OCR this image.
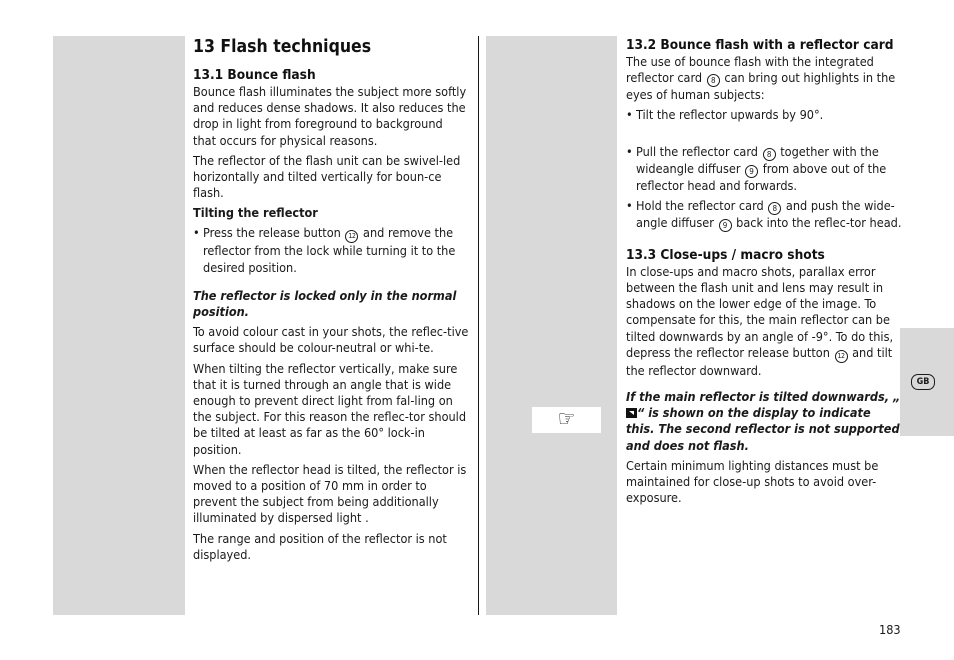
13 Flash techniques
13.1 Bounce flash

Bounce flash illuminates the subject more softly and reduces dense shadows. It also reduces the drop in light from foreground to background that occurs for physical reasons.

The reflector of the flash unit can be swivel-led horizontally and tilted vertically for boun-ce flash.

Tilting the reflector

• Press the release button 12 and remove the reflector from the lock while turning it to the desired position.

The reflector is locked only in the normal position.

To avoid colour cast in your shots, the reflec-tive surface should be colour-neutral or whi-te.

When tilting the reflector vertically, make sure that it is turned through an angle that is wide enough to prevent direct light from fal-ling on the subject. For this reason the reflec-tor should be tilted at least as far as the 60° lock-in position.

When the reflector head is tilted, the reflector is moved to a position of 70 mm in order to prevent the subject from being additionally illuminated by dispersed light .

The range and position of the reflector is not displayed.

13.2 Bounce flash with a reflector card

The use of bounce flash with the integrated reflector card 8 can bring out highlights in the eyes of human subjects:

• Tilt the reflector upwards by 90°.

• Pull the reflector card 8 together with the wideangle diffuser 9 from above out of the reflector head and forwards.

• Hold the reflector card 8 and push the wide-angle diffuser 9 back into the reflec-tor head.

13.3 Close-ups / macro shots

In close-ups and macro shots, parallax error between the flash unit and lens may result in shadows on the lower edge of the image. To compensate for this, the main reflector can be tilted downwards by an angle of -9°. To do this, depress the reflector release button 12 and tilt the reflector downward.

If the main reflector is tilted downwards, „“ is shown on the display to indicate this. The second reflector is not supported and does not flash.

Certain minimum lighting distances must be maintained for close-up shots to avoid over-exposure.

☞
GB
183
